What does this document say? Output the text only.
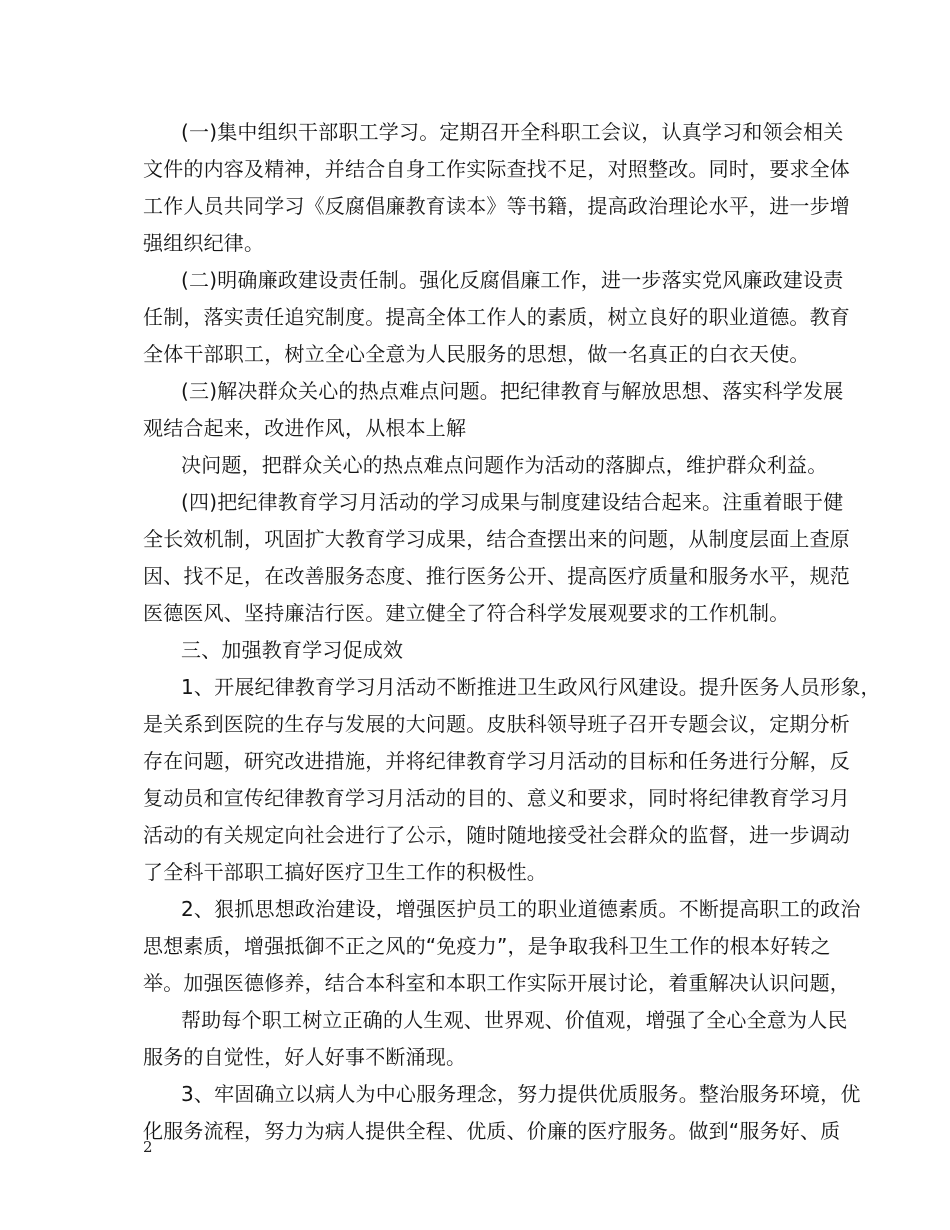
(一)集中组织干部职工学习。定期召开全科职工会议，认真学习和领会相关
文件的内容及精神，并结合自身工作实际查找不足，对照整改。同时，要求全体
工作人员共同学习《反腐倡廉教育读本》等书籍，提高政治理论水平，进一步增
强组织纪律。
(二)明确廉政建设责任制。强化反腐倡廉工作，进一步落实党风廉政建设责
任制，落实责任追究制度。提高全体工作人的素质，树立良好的职业道德。教育
全体干部职工，树立全心全意为人民服务的思想，做一名真正的白衣天使。
(三)解决群众关心的热点难点问题。把纪律教育与解放思想、落实科学发展
观结合起来，改进作风，从根本上解
决问题，把群众关心的热点难点问题作为活动的落脚点，维护群众利益。
(四)把纪律教育学习月活动的学习成果与制度建设结合起来。注重着眼于健
全长效机制，巩固扩大教育学习成果，结合查摆出来的问题，从制度层面上查原
因、找不足，在改善服务态度、推行医务公开、提高医疗质量和服务水平，规范
医德医风、坚持廉洁行医。建立健全了符合科学发展观要求的工作机制。
三、加强教育学习促成效
1、开展纪律教育学习月活动不断推进卫生政风行风建设。提升医务人员形象，
是关系到医院的生存与发展的大问题。皮肤科领导班子召开专题会议，定期分析
存在问题，研究改进措施，并将纪律教育学习月活动的目标和任务进行分解，反
复动员和宣传纪律教育学习月活动的目的、意义和要求，同时将纪律教育学习月
活动的有关规定向社会进行了公示，随时随地接受社会群众的监督，进一步调动
了全科干部职工搞好医疗卫生工作的积极性。
2、狠抓思想政治建设，增强医护员工的职业道德素质。不断提高职工的政治
思想素质，增强抵御不正之风的“免疫力”，是争取我科卫生工作的根本好转之
举。加强医德修养，结合本科室和本职工作实际开展讨论，着重解决认识问题，
帮助每个职工树立正确的人生观、世界观、价值观，增强了全心全意为人民
服务的自觉性，好人好事不断涌现。
3、牢固确立以病人为中心服务理念，努力提供优质服务。整治服务环境，优
化服务流程，努力为病人提供全程、优质、价廉的医疗服务。做到“服务好、质
2
